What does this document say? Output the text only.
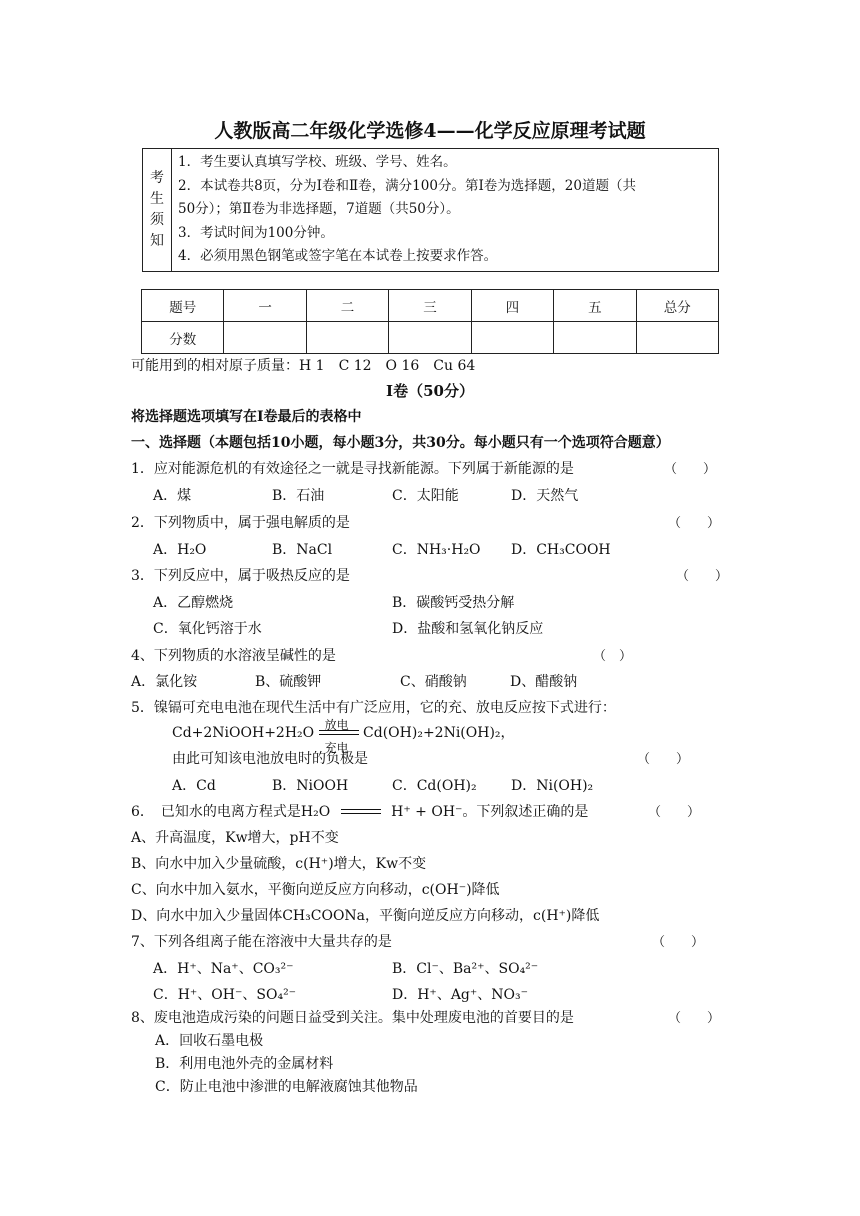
人教版高二年级化学选修4——化学反应原理考试题
考
生
须
知

1．考生要认真填写学校、班级、学号、姓名。
2．本试卷共8页，分为Ⅰ卷和Ⅱ卷，满分100分。第Ⅰ卷为选择题，20道题（共
50分）；第Ⅱ卷为非选择题，7道题（共50分）。
3．考试时间为100分钟。
4．必须用黑色钢笔或签字笔在本试卷上按要求作答。
题号	一	二	三	四	五	总分
分数						
可能用到的相对原子质量：H 1　C 12　O 16　Cu 64
I卷（50分）
将选择题选项填写在Ⅰ卷最后的表格中
一、选择题（本题包括10小题，每小题3分，共30分。每小题只有一个选项符合题意）
1．应对能源危机的有效途径之一就是寻找新能源。下列属于新能源的是	（　　）
A．煤	B．石油	C．太阳能	D．天然气
2．下列物质中，属于强电解质的是	（　　）
A．H₂O	B．NaCl	C．NH₃·H₂O D．CH₃COOH
3．下列反应中，属于吸热反应的是	（　　）
A．乙醇燃烧	B．碳酸钙受热分解
C．氧化钙溶于水	D．盐酸和氢氧化钠反应
4、下列物质的水溶液呈碱性的是	（　）
A．氯化铵	B、硫酸钾	C、硝酸钠	D、醋酸钠
5．镍镉可充电电池在现代生活中有广泛应用，它的充、放电反应按下式进行：
Cd+2NiOOH+2H₂O 放电
充电
Cd(OH)₂+2Ni(OH)₂，
由此可知该电池放电时的负极是	（　　）
A．Cd	B．NiOOH	C．Cd(OH)₂ D．Ni(OH)₂
6．　已知水的电离方程式是H₂O	H⁺ + OH⁻。下列叙述正确的是	（　　）
A、升高温度，Kw增大，pH不变
B、向水中加入少量硫酸，c(H⁺)增大，Kw不变
C、向水中加入氨水，平衡向逆反应方向移动，c(OH⁻)降低
D、向水中加入少量固体CH₃COONa，平衡向逆反应方向移动，c(H⁺)降低
7、下列各组离子能在溶液中大量共存的是	（　　）
A．H⁺、Na⁺、CO₃²⁻	B．Cl⁻、Ba²⁺、SO₄²⁻
C．H⁺、OH⁻、SO₄²⁻	D．H⁺、Ag⁺、NO₃⁻
8、废电池造成污染的问题日益受到关注。集中处理废电池的首要目的是	（　　）
A．回收石墨电极
B．利用电池外壳的金属材料
C．防止电池中渗泄的电解液腐蚀其他物品
